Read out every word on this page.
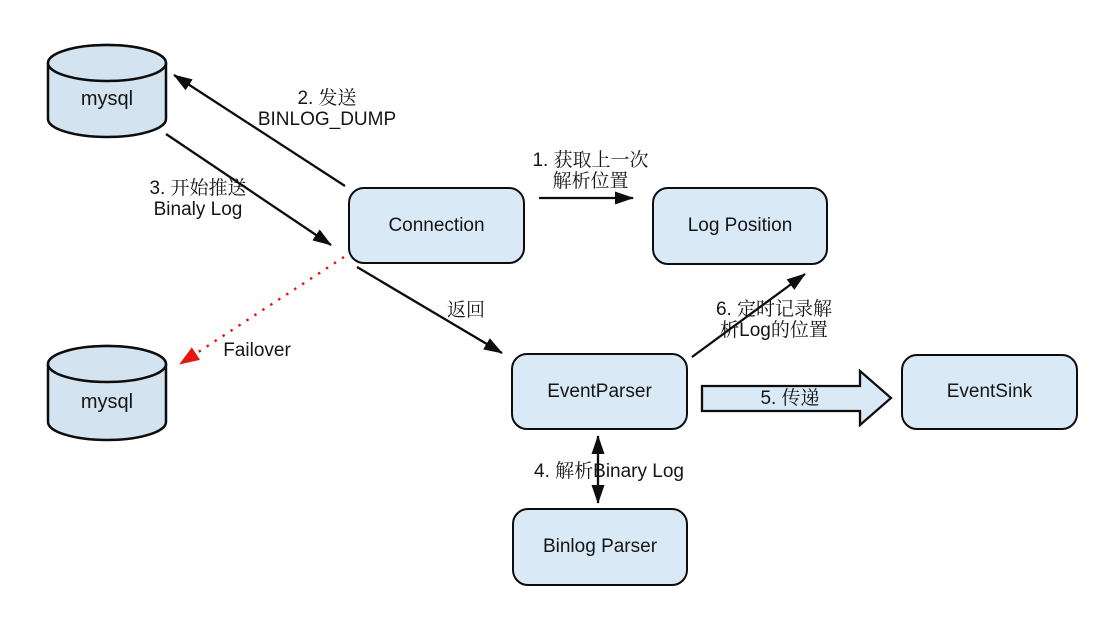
Connection	Log Position
EventParser	EventSink
Binlog Parser
mysql
mysql
2. 发送
BINLOG_DUMP
3. 开始推送
Binaly Log
1. 获取上一次
解析位置
返回
Failover
6. 定时记录解
析Log的位置
5. 传递
4. 解析Binary Log
